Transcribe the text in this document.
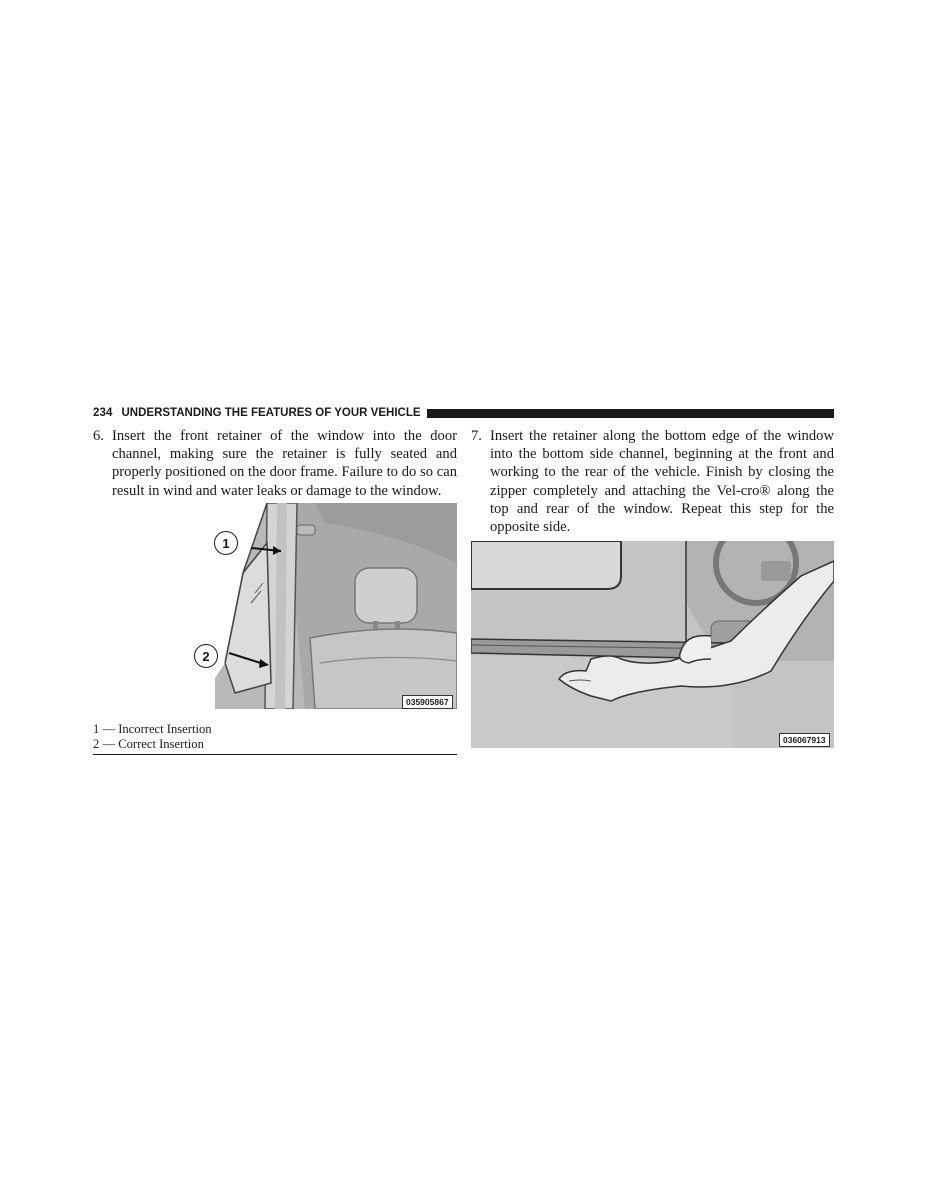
234 UNDERSTANDING THE FEATURES OF YOUR VEHICLE
6. Insert the front retainer of the window into the door channel, making sure the retainer is fully seated and properly positioned on the door frame. Failure to do so can result in wind and water leaks or damage to the window.
7. Insert the retainer along the bottom edge of the window into the bottom side channel, beginning at the front and working to the rear of the vehicle. Finish by closing the zipper completely and attaching the Vel-cro® along the top and rear of the window. Repeat this step for the opposite side.
1
2
035905867
036067913
1 — Incorrect Insertion
2 — Correct Insertion
